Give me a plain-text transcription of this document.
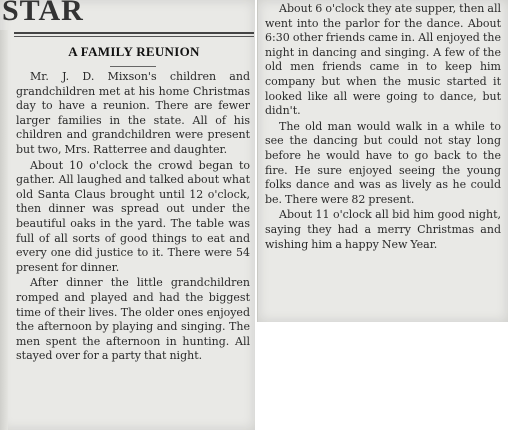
STAR
A FAMILY REUNION

Mr. J. D. Mixson's children and grandchildren met at his home Christmas day to have a reunion. There are fewer larger families in the state. All of his children and grandchildren were present but two, Mrs. Ratterree and daughter.

About 10 o'clock the crowd began to gather. All laughed and talked about what old Santa Claus brought until 12 o'clock, then dinner was spread out under the beautiful oaks in the yard. The table was full of all sorts of good things to eat and every one did justice to it. There were 54 present for dinner.

After dinner the little grandchildren romped and played and had the biggest time of their lives. The older ones enjoyed the afternoon by playing and singing. The men spent the afternoon in hunting. All stayed over for a party that night.

About 6 o'clock they ate supper, then all went into the parlor for the dance. About 6:30 other friends came in. All enjoyed the night in dancing and singing. A few of the old men friends came in to keep him company but when the music started it looked like all were going to dance, but didn't.

The old man would walk in a while to see the dancing but could not stay long before he would have to go back to the fire. He sure enjoyed seeing the young folks dance and was as lively as he could be. There were 82 present.

About 11 o'clock all bid him good night, saying they had a merry Christmas and wishing him a happy New Year.
